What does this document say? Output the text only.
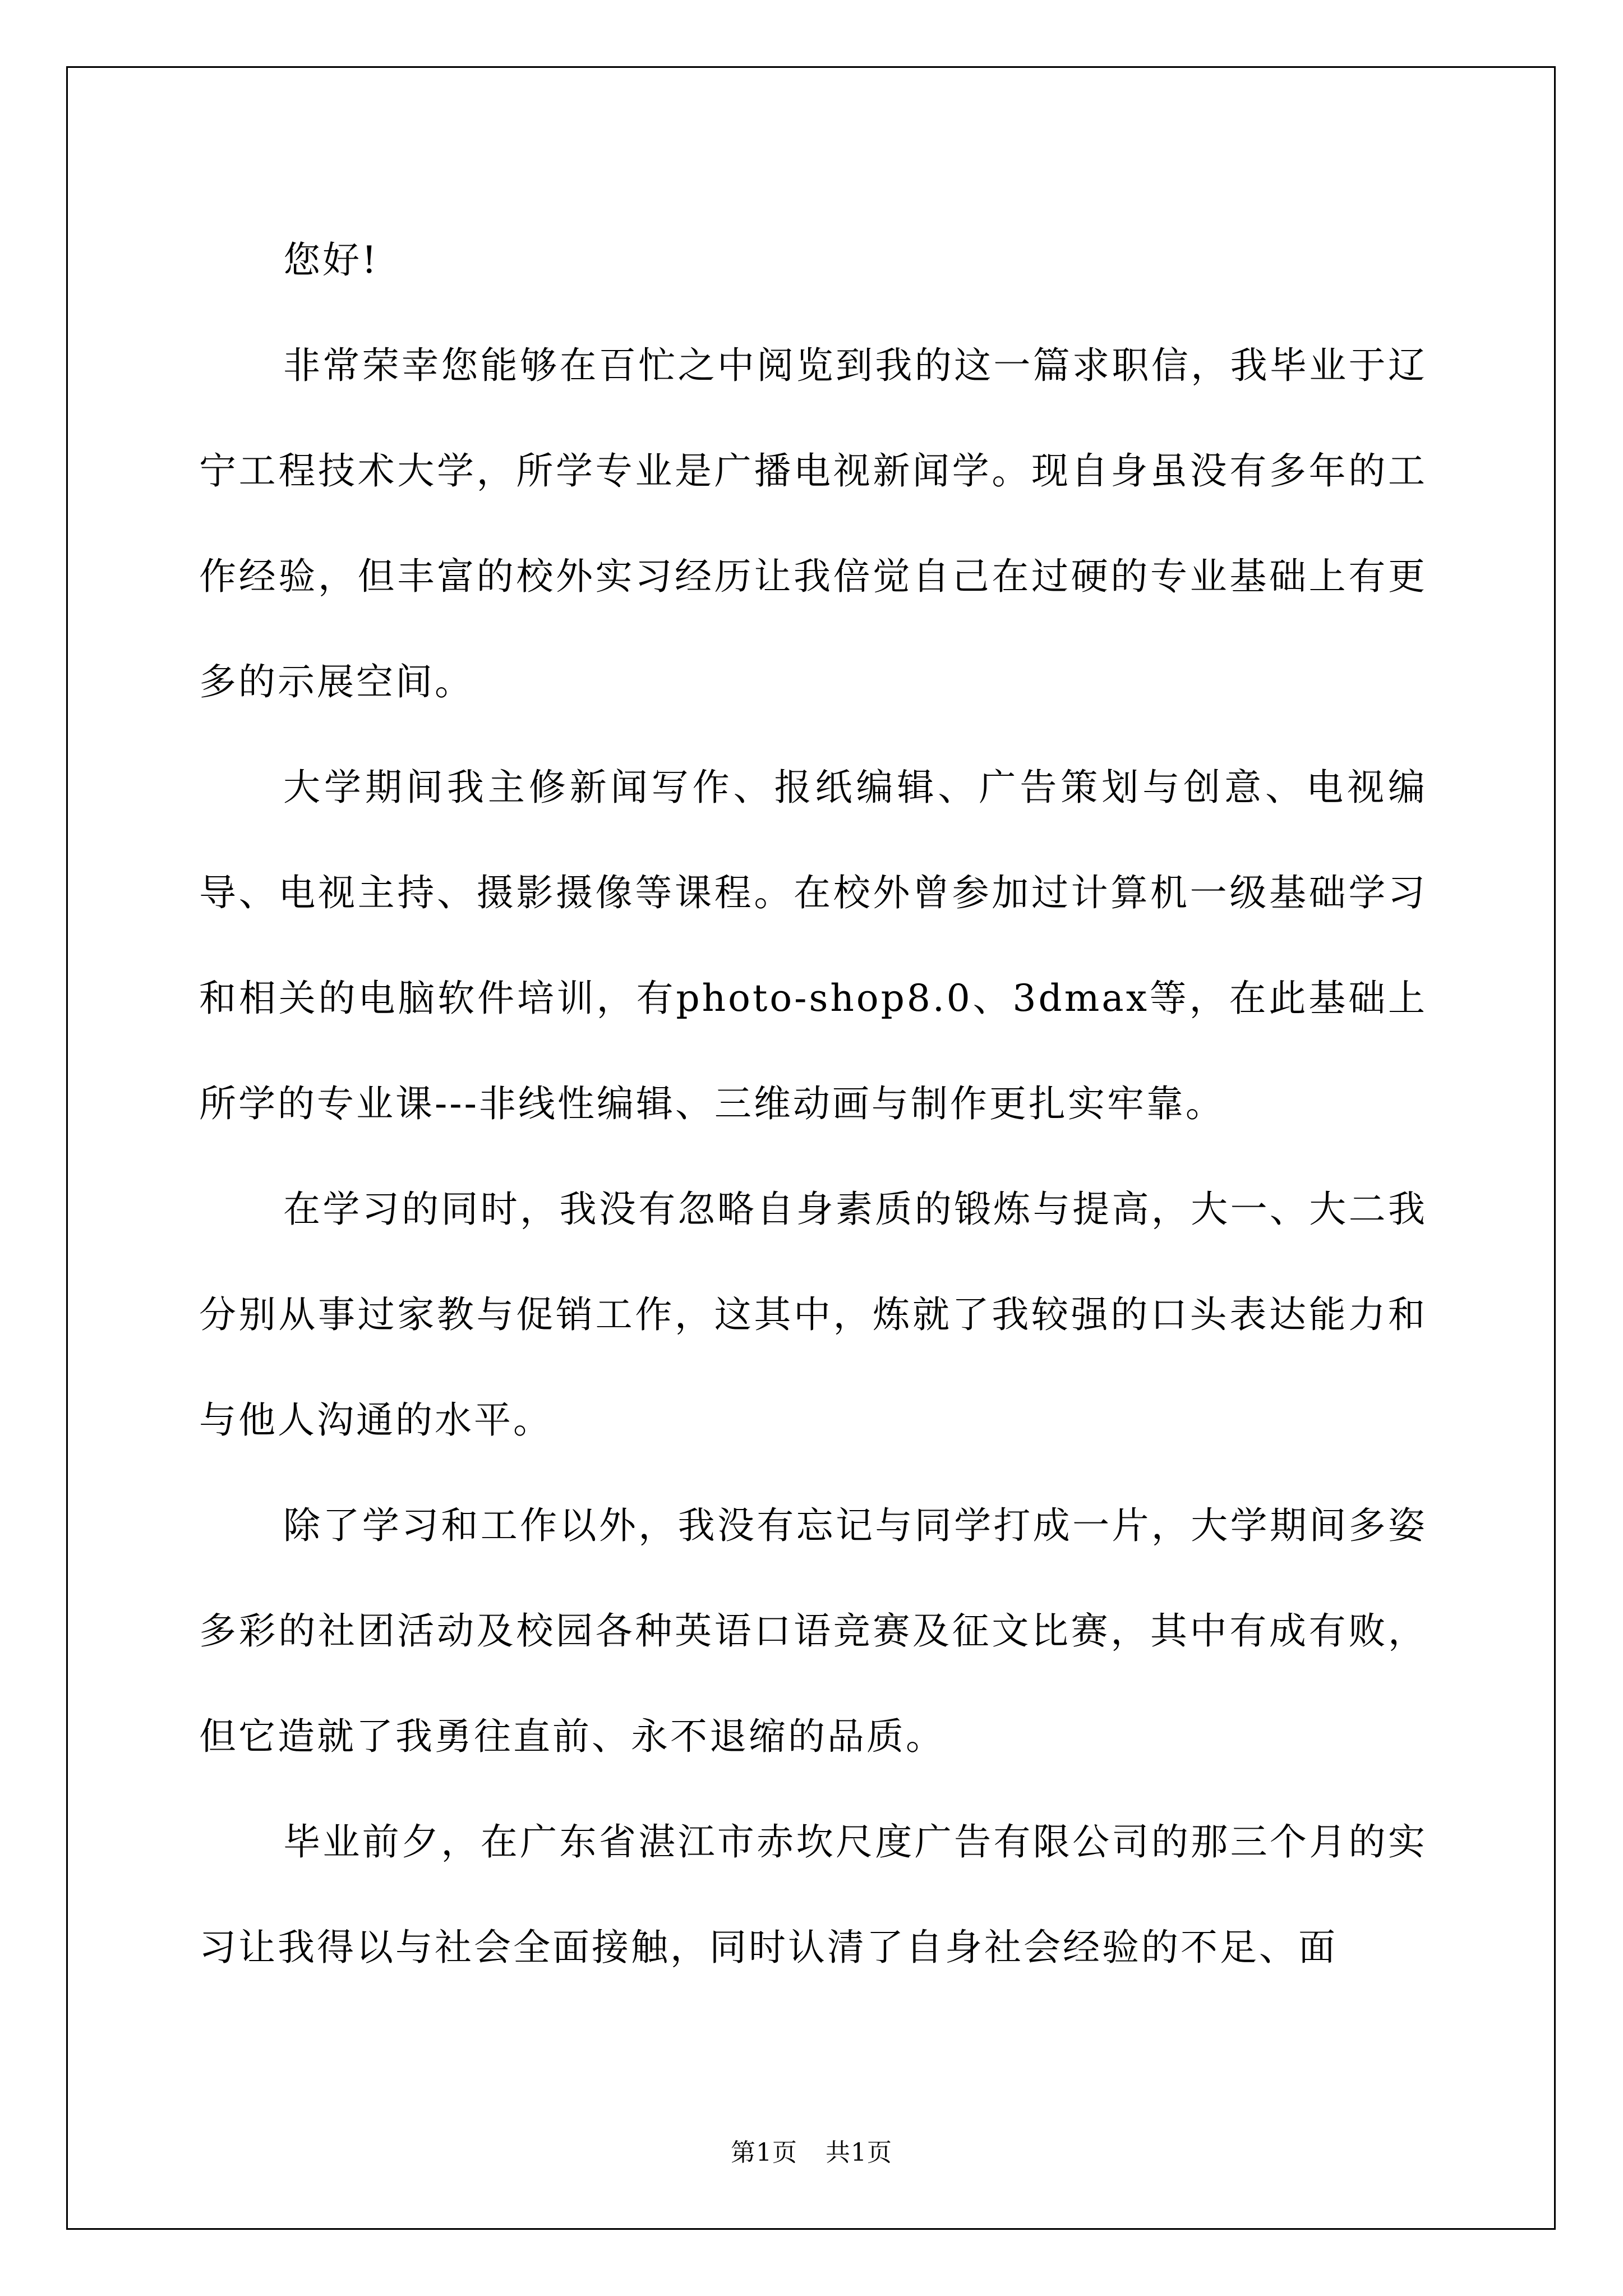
您好!

非常荣幸您能够在百忙之中阅览到我的这一篇求职信，我毕业于辽宁工程技术大学，所学专业是广播电视新闻学。现自身虽没有多年的工作经验，但丰富的校外实习经历让我倍觉自己在过硬的专业基础上有更多的示展空间。

大学期间我主修新闻写作、报纸编辑、广告策划与创意、电视编导、电视主持、摄影摄像等课程。在校外曾参加过计算机一级基础学习和相关的电脑软件培训，有photo-shop8.0、3dmax等，在此基础上所学的专业课---非线性编辑、三维动画与制作更扎实牢靠。

在学习的同时，我没有忽略自身素质的锻炼与提高，大一、大二我分别从事过家教与促销工作，这其中，炼就了我较强的口头表达能力和与他人沟通的水平。

除了学习和工作以外，我没有忘记与同学打成一片，大学期间多姿多彩的社团活动及校园各种英语口语竞赛及征文比赛，其中有成有败，但它造就了我勇往直前、永不退缩的品质。

毕业前夕，在广东省湛江市赤坎尺度广告有限公司的那三个月的实习让我得以与社会全面接触，同时认清了自身社会经验的不足、面

第1页 共1页
